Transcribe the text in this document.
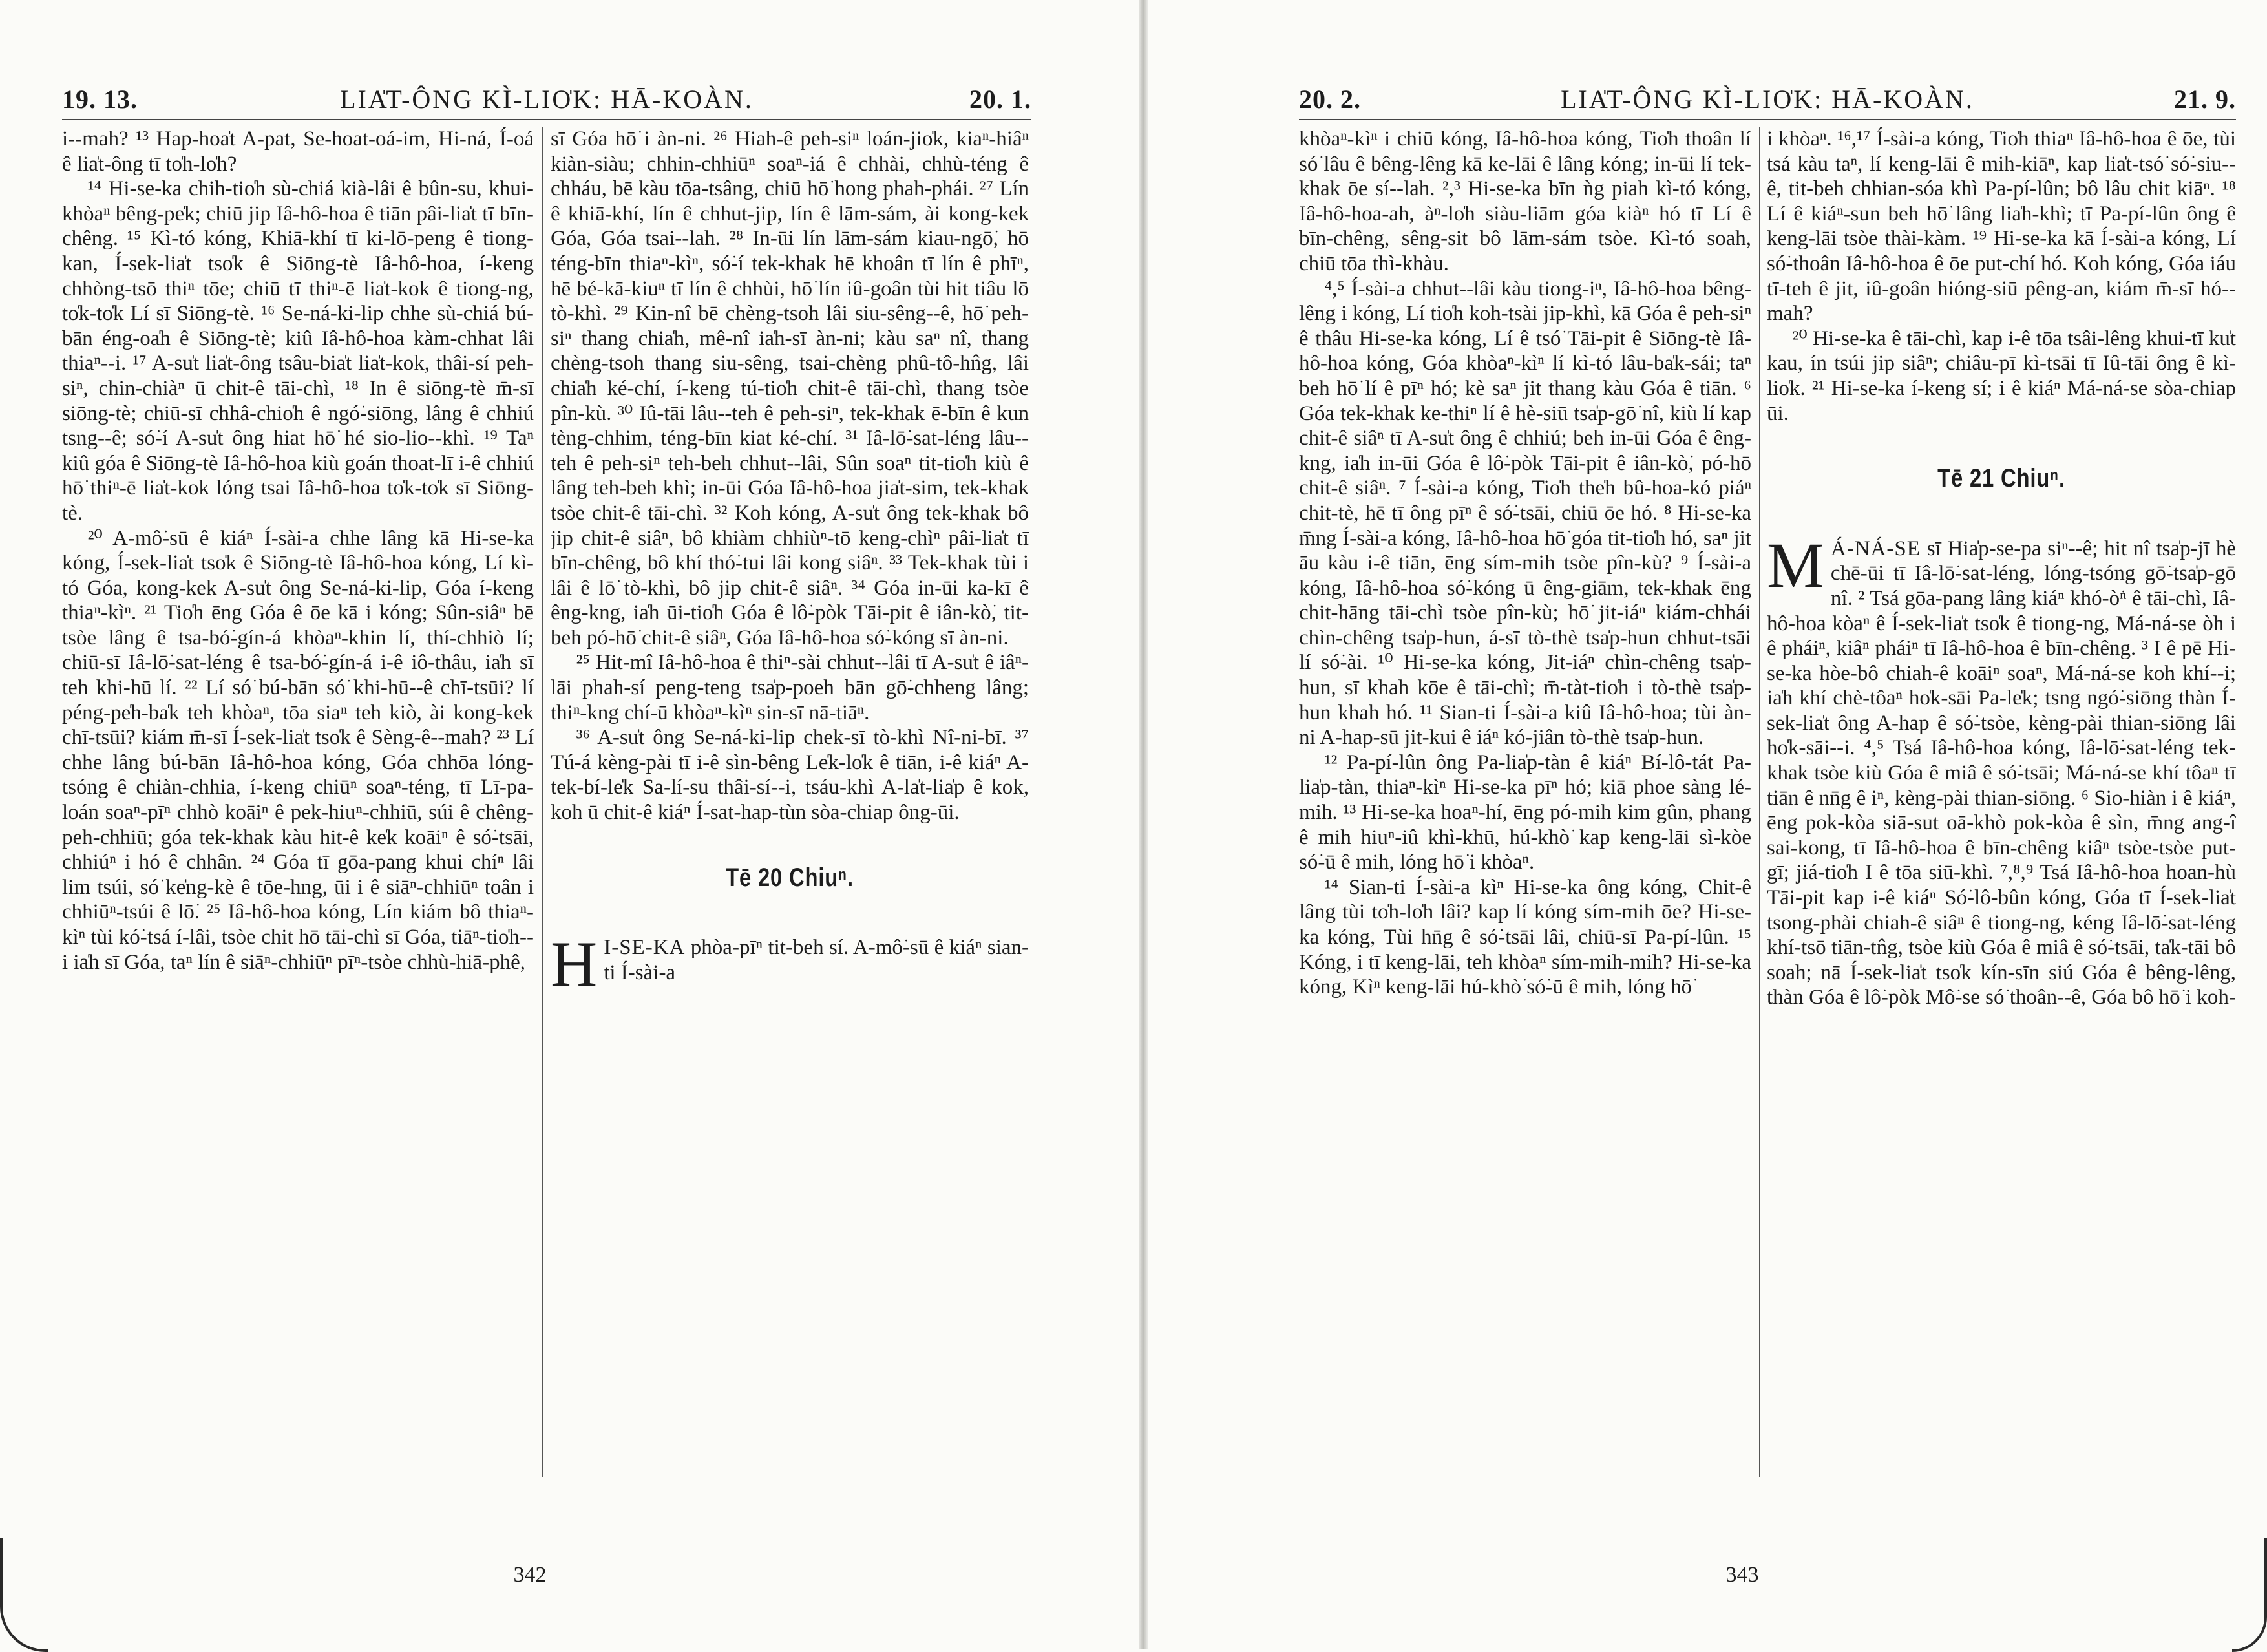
19. 13.	LIA̍T-ÔNG KÌ-LIO̍K: HĀ-KOÀN.	20. 1.

i--mah? ¹³ Hap-hoa̍t A-pat, Se-hoat-oá-im, Hi-ná, Í-oá ê lia̍t-ông tī to̍h-lo̍h?

¹⁴ Hi-se-ka chih-tio̍h sù-chiá kià-lâi ê bûn-su, khui-khòaⁿ bêng-pe̍k; chiū jip Iâ-hô-hoa ê tiān pâi-lia̍t tī bīn-chêng. ¹⁵ Kì-tó kóng, Khiā-khí tī ki-lō-peng ê tiong-kan, Í-sek-lia̍t tso̍k ê Siōng-tè Iâ-hô-hoa, í-keng chhòng-tsō thiⁿ tōe; chiū tī thiⁿ-ē lia̍t-kok ê tiong-ng, to̍k-to̍k Lí sī Siōng-tè. ¹⁶ Se-ná-ki-lip chhe sù-chiá bú-bān éng-oa̍h ê Siōng-tè; kiû Iâ-hô-hoa kàm-chhat lâi thiaⁿ--i. ¹⁷ A-su̍t lia̍t-ông tsâu-bia̍t lia̍t-kok, thâi-sí peh-siⁿ, chin-chiàⁿ ū chit-ê tāi-chì, ¹⁸ In ê siōng-tè m̄-sī siōng-tè; chiū-sī chhâ-chio̍h ê ngó͘-siōng, lâng ê chhiú tsng--ê; só͘-í A-su̍t ông hiat hō͘ hé sio-lio--khì. ¹⁹ Taⁿ kiû góa ê Siōng-tè Iâ-hô-hoa kiù goán thoat-lī i-ê chhiú hō͘ thiⁿ-ē lia̍t-kok lóng tsai Iâ-hô-hoa to̍k-to̍k sī Siōng-tè.

²⁰ A-mô͘-sū ê kiáⁿ Í-sài-a chhe lâng kā Hi-se-ka kóng, Í-sek-lia̍t tso̍k ê Siōng-tè Iâ-hô-hoa kóng, Lí kì-tó Góa, kong-kek A-su̍t ông Se-ná-ki-lip, Góa í-keng thiaⁿ-kìⁿ. ²¹ Tio̍h ēng Góa ê ōe kā i kóng; Sûn-siâⁿ bē tsòe lâng ê tsa-bó͘-gín-á khòaⁿ-khin lí, thí-chhiò lí; chiū-sī Iâ-lō͘-sat-léng ê tsa-bó͘-gín-á i-ê iô-thâu, ia̍h sī teh khi-hū lí. ²² Lí só͘ bú-bān só͘ khi-hū--ê chī-tsūi? lí péng-pe̍h-ba̍k teh khòaⁿ, tōa siaⁿ teh kiò, ài kong-kek chī-tsūi? kiám m̄-sī Í-sek-lia̍t tso̍k ê Sèng-ê--mah? ²³ Lí chhe lâng bú-bān Iâ-hô-hoa kóng, Góa chhōa lóng-tsóng ê chiàn-chhia, í-keng chiūⁿ soaⁿ-téng, tī Lī-pa-loán soaⁿ-pīⁿ chhò koāiⁿ ê pek-hiuⁿ-chhiū, súi ê chêng-peh-chhiū; góa tek-khak kàu hit-ê ke̍k koāiⁿ ê só͘-tsāi, chhiúⁿ i hó ê chhân. ²⁴ Góa tī gōa-pang khui chíⁿ lâi lim tsúi, só͘ ke̍ng-kè ê tōe-hng, ūi i ê siāⁿ-chhiūⁿ toân i chhiūⁿ-tsúi ê lō͘. ²⁵ Iâ-hô-hoa kóng, Lín kiám bô thiaⁿ-kìⁿ tùi kó͘-tsá í-lâi, tsòe chit hō tāi-chì sī Góa, tiāⁿ-tio̍h--i ia̍h sī Góa, taⁿ lín ê siāⁿ-chhiūⁿ pīⁿ-tsòe chhù-hiā-phê,

sī Góa hō͘ i àn-ni. ²⁶ Hiah-ê peh-siⁿ loán-jio̍k, kiaⁿ-hiâⁿ kiàn-siàu; chhin-chhiūⁿ soaⁿ-iá ê chhài, chhù-téng ê chháu, bē kàu tōa-tsâng, chiū hō͘ hong phah-phái. ²⁷ Lín ê khiā-khí, lín ê chhut-jip, lín ê lām-sám, ài kong-kek Góa, Góa tsai--lah. ²⁸ In-ūi lín lām-sám kiau-ngō͘, hō͘ téng-bīn thiaⁿ-kìⁿ, só͘-í tek-khak hē khoân tī lín ê phīⁿ, hē bé-kā-kiuⁿ tī lín ê chhùi, hō͘ lín iû-goân tùi hit tiâu lō͘ tò-khì. ²⁹ Kin-nî bē chèng-tsoh lâi siu-sêng--ê, hō͘ peh-siⁿ thang chia̍h, mê-nî ia̍h-sī àn-ni; kàu saⁿ nî, thang chèng-tsoh thang siu-sêng, tsai-chèng phû-tô-hn̂g, lâi chia̍h ké-chí, í-keng tú-tio̍h chit-ê tāi-chì, thang tsòe pîn-kù. ³⁰ Iû-tāi lâu--teh ê peh-siⁿ, tek-khak ē-bīn ê kun tèng-chhim, téng-bīn kiat ké-chí. ³¹ Iâ-lō͘-sat-léng lâu--teh ê peh-siⁿ teh-beh chhut--lâi, Sûn soaⁿ tit-tio̍h kiù ê lâng teh-beh khì; in-ūi Góa Iâ-hô-hoa jia̍t-sim, tek-khak tsòe chit-ê tāi-chì. ³² Koh kóng, A-su̍t ông tek-khak bô jip chit-ê siâⁿ, bô khiàm chhiùⁿ-tō keng-chìⁿ pâi-lia̍t tī bīn-chêng, bô khí thó͘-tui lâi kong siâⁿ. ³³ Tek-khak tùi i lâi ê lō͘ tò-khì, bô jip chit-ê siâⁿ. ³⁴ Góa in-ūi ka-kī ê êng-kng, ia̍h ūi-tio̍h Góa ê lô͘-pòk Tāi-pit ê iân-kò͘, tit-beh pó-hō͘ chit-ê siâⁿ, Góa Iâ-hô-hoa só͘-kóng sī àn-ni.

²⁵ Hit-mî Iâ-hô-hoa ê thiⁿ-sài chhut--lâi tī A-su̍t ê iâⁿ-lāi phah-sí peng-teng tsa̍p-poeh bān gō͘-chheng lâng; thiⁿ-kng chí-ū khòaⁿ-kìⁿ sin-sī nā-tiāⁿ.

³⁶ A-su̍t ông Se-ná-ki-lip chek-sī tò-khì Nî-ni-bī. ³⁷ Tú-á kèng-pài tī i-ê sìn-bêng Le̍k-lo̍k ê tiān, i-ê kiáⁿ A-tek-bí-le̍k Sa-lí-su thâi-sí--i, tsáu-khì A-la̍t-lia̍p ê kok, koh ū chit-ê kiáⁿ Í-sat-hap-tùn sòa-chiap ông-ūi.

Tē 20 Chiuⁿ.

H I-SE-KA phòa-pīⁿ tit-beh sí. A-mô͘-sū ê kiáⁿ sian-ti Í-sài-a

342
20. 2.	LIA̍T-ÔNG KÌ-LIO̍K: HĀ-KOÀN.	21. 9.

khòaⁿ-kìⁿ i chiū kóng, Iâ-hô-hoa kóng, Tio̍h thoân lí só͘ lâu ê bêng-lêng kā ke-lāi ê lâng kóng; in-ūi lí tek-khak ōe sí--lah. ²,³ Hi-se-ka bīn ǹg piah kì-tó kóng, Iâ-hô-hoa-ah, àⁿ-lo̍h siàu-liām góa kiàⁿ hó tī Lí ê bīn-chêng, sêng-sit bô lām-sám tsòe. Kì-tó soah, chiū tōa thì-khàu.

⁴,⁵ Í-sài-a chhut--lâi kàu tiong-iⁿ, Iâ-hô-hoa bêng-lêng i kóng, Lí tio̍h koh-tsài jip-khì, kā Góa ê peh-siⁿ ê thâu Hi-se-ka kóng, Lí ê tsó͘ Tāi-pit ê Siōng-tè Iâ-hô-hoa kóng, Góa khòaⁿ-kìⁿ lí kì-tó lâu-ba̍k-sái; taⁿ beh hō͘ lí ê pīⁿ hó; kè saⁿ jit thang kàu Góa ê tiān. ⁶ Góa tek-khak ke-thiⁿ lí ê hè-siū tsa̍p-gō͘ nî, kiù lí kap chit-ê siâⁿ tī A-su̍t ông ê chhiú; beh in-ūi Góa ê êng-kng, ia̍h in-ūi Góa ê lô͘-pòk Tāi-pit ê iân-kò͘, pó-hō͘ chit-ê siâⁿ. ⁷ Í-sài-a kóng, Tio̍h the̍h bû-hoa-kó piáⁿ chit-tè, hē tī ông pīⁿ ê só͘-tsāi, chiū ōe hó. ⁸ Hi-se-ka m̄ng Í-sài-a kóng, Iâ-hô-hoa hō͘ góa tit-tio̍h hó, saⁿ jit āu kàu i-ê tiān, ēng sím-mih tsòe pîn-kù? ⁹ Í-sài-a kóng, Iâ-hô-hoa só͘-kóng ū êng-giām, tek-khak ēng chit-hāng tāi-chì tsòe pîn-kù; hō͘ jit-iáⁿ kiám-chhái chìn-chêng tsa̍p-hun, á-sī tò-thè tsa̍p-hun chhut-tsāi lí só͘-ài. ¹⁰ Hi-se-ka kóng, Jit-iáⁿ chìn-chêng tsa̍p-hun, sī khah kōe ê tāi-chì; m̄-tàt-tio̍h i tò-thè tsa̍p-hun khah hó. ¹¹ Sian-ti Í-sài-a kiû Iâ-hô-hoa; tùi àn-ni A-hap-sū jit-kui ê iáⁿ kó-jiân tò-thè tsa̍p-hun.

¹² Pa-pí-lûn ông Pa-lia̍p-tàn ê kiáⁿ Bí-lô-tát Pa-lia̍p-tàn, thiaⁿ-kìⁿ Hi-se-ka pīⁿ hó; kiā phoe sàng lé-mih. ¹³ Hi-se-ka hoaⁿ-hí, ēng pó-mih kim gûn, phang ê mih hiuⁿ-iû khì-khū, hú-khò͘ kap keng-lāi sì-kòe só͘-ū ê mih, lóng hō͘ i khòaⁿ.

¹⁴ Sian-ti Í-sài-a kìⁿ Hi-se-ka ông kóng, Chit-ê lâng tùi to̍h-lo̍h lâi? kap lí kóng sím-mih ōe? Hi-se-ka kóng, Tùi hn̄g ê só͘-tsāi lâi, chiū-sī Pa-pí-lûn. ¹⁵ Kóng, i tī keng-lāi, teh khòaⁿ sím-mih-mih? Hi-se-ka kóng, Kìⁿ keng-lāi hú-khò͘ só͘-ū ê mih, lóng hō͘

i khòaⁿ. ¹⁶,¹⁷ Í-sài-a kóng, Tio̍h thiaⁿ Iâ-hô-hoa ê ōe, tùi tsá kàu taⁿ, lí keng-lāi ê mih-kiāⁿ, kap lia̍t-tsó͘ só͘-siu--ê, tit-beh chhian-sóa khì Pa-pí-lûn; bô lâu chit kiāⁿ. ¹⁸ Lí ê kiáⁿ-sun beh hō͘ lâng lia̍h-khì; tī Pa-pí-lûn ông ê keng-lāi tsòe thài-kàm. ¹⁹ Hi-se-ka kā Í-sài-a kóng, Lí só͘-thoân Iâ-hô-hoa ê ōe put-chí hó. Koh kóng, Góa iáu tī-teh ê jit, iû-goân hióng-siū pêng-an, kiám m̄-sī hó--mah?

²⁰ Hi-se-ka ê tāi-chì, kap i-ê tōa tsâi-lêng khui-tī ku̍t kau, ín tsúi jip siâⁿ; chiâu-pī kì-tsāi tī Iû-tāi ông ê kì-lio̍k. ²¹ Hi-se-ka í-keng sí; i ê kiáⁿ Má-ná-se sòa-chiap ūi.

Tē 21 Chiuⁿ.

M Á-NÁ-SE sī Hia̍p-se-pa siⁿ--ê; hit nî tsa̍p-jī hè chē-ūi tī Iâ-lō͘-sat-léng, lóng-tsóng gō͘-tsa̍p-gō͘ nî. ² Tsá gōa-pang lâng kiáⁿ khó-ò͘ⁿ ê tāi-chì, Iâ-hô-hoa kòaⁿ ê Í-sek-lia̍t tso̍k ê tiong-ng, Má-ná-se òh i ê pháiⁿ, kiâⁿ pháiⁿ tī Iâ-hô-hoa ê bīn-chêng. ³ I ê pē Hi-se-ka hòe-bô chiah-ê koāiⁿ soaⁿ, Má-ná-se koh khí--i; ia̍h khí chè-tôaⁿ ho̍k-sāi Pa-le̍k; tsng ngó͘-siōng thàn Í-sek-lia̍t ông A-hap ê só͘-tsòe, kèng-pài thian-siōng lâi ho̍k-sāi--i. ⁴,⁵ Tsá Iâ-hô-hoa kóng, Iâ-lō͘-sat-léng tek-khak tsòe kiù Góa ê miâ ê só͘-tsāi; Má-ná-se khí tôaⁿ tī tiān ê nn̄g ê iⁿ, kèng-pài thian-siōng. ⁶ Sio-hiàn i ê kiáⁿ, ēng pok-kòa siā-sut oā-khò pok-kòa ê sìn, m̄ng ang-î sai-kong, tī Iâ-hô-hoa ê bīn-chêng kiâⁿ tsòe-tsòe put-gī; jiá-tio̍h I ê tōa siū-khì. ⁷,⁸,⁹ Tsá Iâ-hô-hoa hoan-hù Tāi-pit kap i-ê kiáⁿ Só͘-lô-bûn kóng, Góa tī Í-sek-lia̍t tsong-phài chiah-ê siâⁿ ê tiong-ng, kéng Iâ-lō͘-sat-léng khí-tsō tiān-tn̂g, tsòe kiù Góa ê miâ ê só͘-tsāi, ta̍k-tāi bô soah; nā Í-sek-lia̍t tso̍k kín-sīn siú Góa ê bêng-lêng, thàn Góa ê lô͘-pòk Mô͘-se só͘ thoân--ê, Góa bô hō͘ i koh-

343
